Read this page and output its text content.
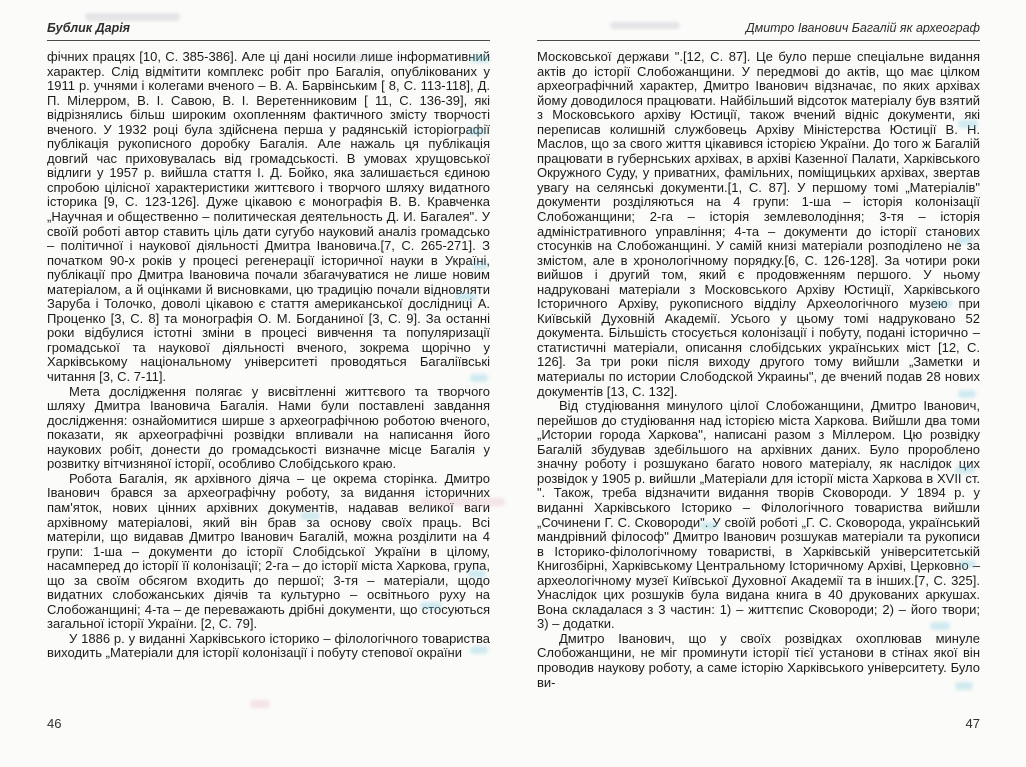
Бублик Дарія

фічних працях [10, С. 385-386]. Але ці дані носили лише інформативний характер. Слід відмітити комплекс робіт про Багалія, опублікованих у 1911 р. учнями і колегами вченого – В. А. Барвінським [ 8, С. 113-118], Д. П. Мілерром, В. І. Савою, В. І. Веретенниковим [ 11, С. 136-39], які відрізнялись більш широким охопленням фактичного змісту творчості вченого. У 1932 році була здійснена перша у радянській історіографії публікація рукописного доробку Багалія. Але нажаль ця публікація довгий час приховувалась від громадськості. В умовах хрущовської відлиги у 1957 р. вийшла стаття І. Д. Бойко, яка залишається єдиною спробою цілісної характеристики життєвого і творчого шляху видатного історика [9, С. 123-126]. Дуже цікавою є монографія В. В. Кравченка „Научная и общественно – политическая деятельность Д. И. Багалея". У своїй роботі автор ставить ціль дати сугубо науковий аналіз громадсько – політичної і наукової діяльності Дмитра Івановича.[7, С. 265-271]. З початком 90-х років у процесі регенерації історичної науки в Україні, публікації про Дмитра Івановича почали збагачуватися не лише новим матеріалом, а й оцінками й висновками, цю традицію почали відновляти Заруба і Толочко, доволі цікавою є стаття американської дослідниці А. Проценко [3, С. 8] та монографія О. М. Богданиної [3, С. 9]. За останні роки відбулися істотні зміни в процесі вивчення та популяризації громадської та наукової діяльності вченого, зокрема щорічно у Харківському національному університеті проводяться Багаліївські читання [3, С. 7-11].

Мета дослідження полягає у висвітленні життєвого та творчого шляху Дмитра Івановича Багалія. Нами були поставлені завдання дослідження: ознайомитися ширше з археографічною роботою вченого, показати, як археографічні розвідки впливали на написання його наукових робіт, донести до громадськості визначне місце Багалія у розвитку вітчизняної історії, особливо Слобідського краю.

Робота Багалія, як архівного діяча – це окрема сторінка. Дмитро Іванович брався за археографічну роботу, за видання історичних пам'яток, нових цінних архівних документів, надавав великої ваги архівному матеріалові, який він брав за основу своїх праць. Всі матеріли, що видавав Дмитро Іванович Багалій, можна розділити на 4 групи: 1-ша – документи до історії Слобідської України в цілому, насамперед до історії її колонізації; 2-га – до історії міста Харкова, група, що за своїм обсягом входить до першої; 3-тя – матеріали, щодо видатних слобожанських діячів та культурно – освітнього руху на Слобожанщині; 4-та – де переважають дрібні документи, що стосуються загальної історії України. [2, С. 79].

У 1886 р. у виданні Харківського історико – філологічного товариства виходить „Матеріали для історії колонізації і побуту степової окраїни

Дмитро Іванович Багалій як археограф

Московської держави ".[12, С. 87]. Це було перше спеціальне видання актів до історії Слобожанщини. У передмові до актів, що має цілком археографічний характер, Дмитро Іванович відзначає, по яких архівах йому доводилося працювати. Найбільший відсоток матеріалу був взятий з Московського архіву Юстиції, також вчений відніс документи, які переписав колишній службовець Архіву Міністерства Юстиції В. Н. Маслов, що за свого життя цікавився історією України. До того ж Багалій працювати в губернських архівах, в архіві Казенної Палати, Харківського Окружного Суду, у приватних, фамільних, поміщицьких архівах, звертав увагу на селянські документи.[1, С. 87]. У першому томі „Матеріалів" документи розділяються на 4 групи: 1-ша – історія колонізації Слобожанщини; 2-га – історія землеволодіння; 3-тя – історія адміністративного управління; 4-та – документи до історії станових стосунків на Слобожанщині. У самій книзі матеріали розподілено не за змістом, але в хронологічному порядку.[6, С. 126-128]. За чотири роки вийшов і другий том, який є продовженням першого. У ньому надруковані матеріали з Московського Архіву Юстиції, Харківського Історичного Архіву, рукописного відділу Археологічного музею при Київській Духовній Академії. Усього у цьому томі надруковано 52 документа. Більшість стосується колонізації і побуту, подані історично – статистичні матеріали, описання слобідських українських міст [12, С. 126]. За три роки після виходу другого тому вийшли „Заметки и материалы по истории Слободской Украины", де вчений подав 28 нових документів [13, С. 132].

Від студіювання минулого цілої Слобожанщини, Дмитро Іванович, перейшов до студіювання над історією міста Харкова. Вийшли два томи „Истории города Харкова", написані разом з Міллером. Цю розвідку Багалій збудував здебільшого на архівних даних. Було пророблено значну роботу і розшукано багато нового матеріалу, як наслідок цих розвідок у 1905 р. вийшли „Матеріали для історії міста Харкова в XVII ст. ". Також, треба відзначити видання творів Сковороди. У 1894 р. у виданні Харківського Історико – Філологічного товариства вийшли „Сочинени Г. С. Сковороди". У своїй роботі „Г. С. Сковорода, український мандрівний філософ" Дмитро Іванович розшукав матеріали та рукописи в Історико-філологічному товаристві, в Харківській університетській Книгозбірні, Харківському Центральному Історичному Архіві, Церковно – археологічному музеї Київської Духовної Академії та в інших.[7, С. 325]. Унаслідок цих розшуків була видана книга в 40 друкованих аркушах. Вона складалася з 3 частин: 1) – життєпис Сковороди; 2) – його твори; 3) – додатки.

Дмитро Іванович, що у своїх розвідках охоплював минуле Слобожанщини, не міг проминути історії тієї установи в стінах якої він проводив наукову роботу, а саме історію Харківського університету. Було ви-

46	47
